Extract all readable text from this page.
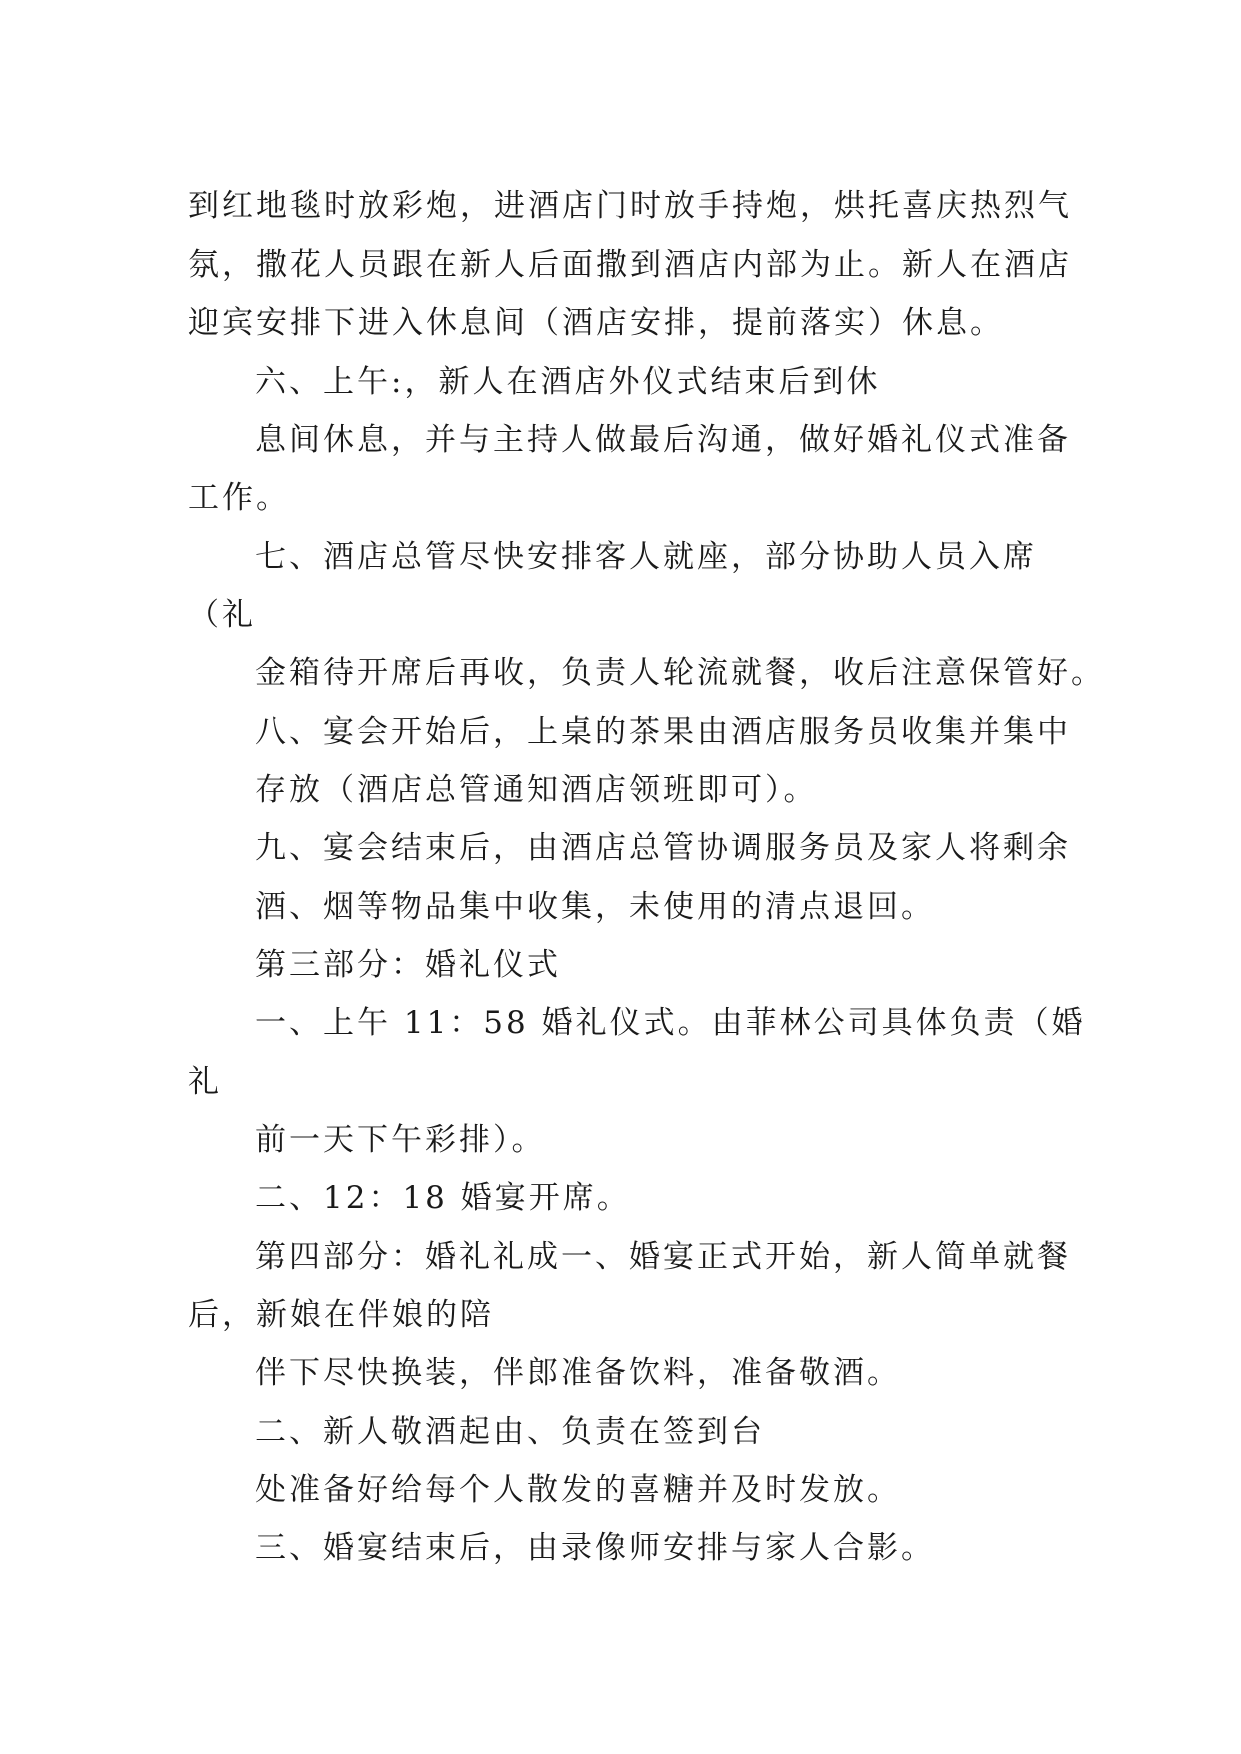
到红地毯时放彩炮，进酒店门时放手持炮，烘托喜庆热烈气

氛，撒花人员跟在新人后面撒到酒店内部为止。新人在酒店

迎宾安排下进入休息间（酒店安排，提前落实）休息。

六、上午:，新人在酒店外仪式结束后到休

息间休息，并与主持人做最后沟通，做好婚礼仪式准备

工作。

七、酒店总管尽快安排客人就座，部分协助人员入席

（礼

金箱待开席后再收，负责人轮流就餐，收后注意保管好。

八、宴会开始后，上桌的茶果由酒店服务员收集并集中

存放（酒店总管通知酒店领班即可）。

九、宴会结束后，由酒店总管协调服务员及家人将剩余

酒、烟等物品集中收集，未使用的清点退回。

第三部分：婚礼仪式

一、上午 11：58 婚礼仪式。由菲林公司具体负责（婚

礼

前一天下午彩排）。

二、12：18 婚宴开席。

第四部分：婚礼礼成一、婚宴正式开始，新人简单就餐

后，新娘在伴娘的陪

伴下尽快换装，伴郎准备饮料，准备敬酒。

二、新人敬酒起由、负责在签到台

处准备好给每个人散发的喜糖并及时发放。

三、婚宴结束后，由录像师安排与家人合影。
